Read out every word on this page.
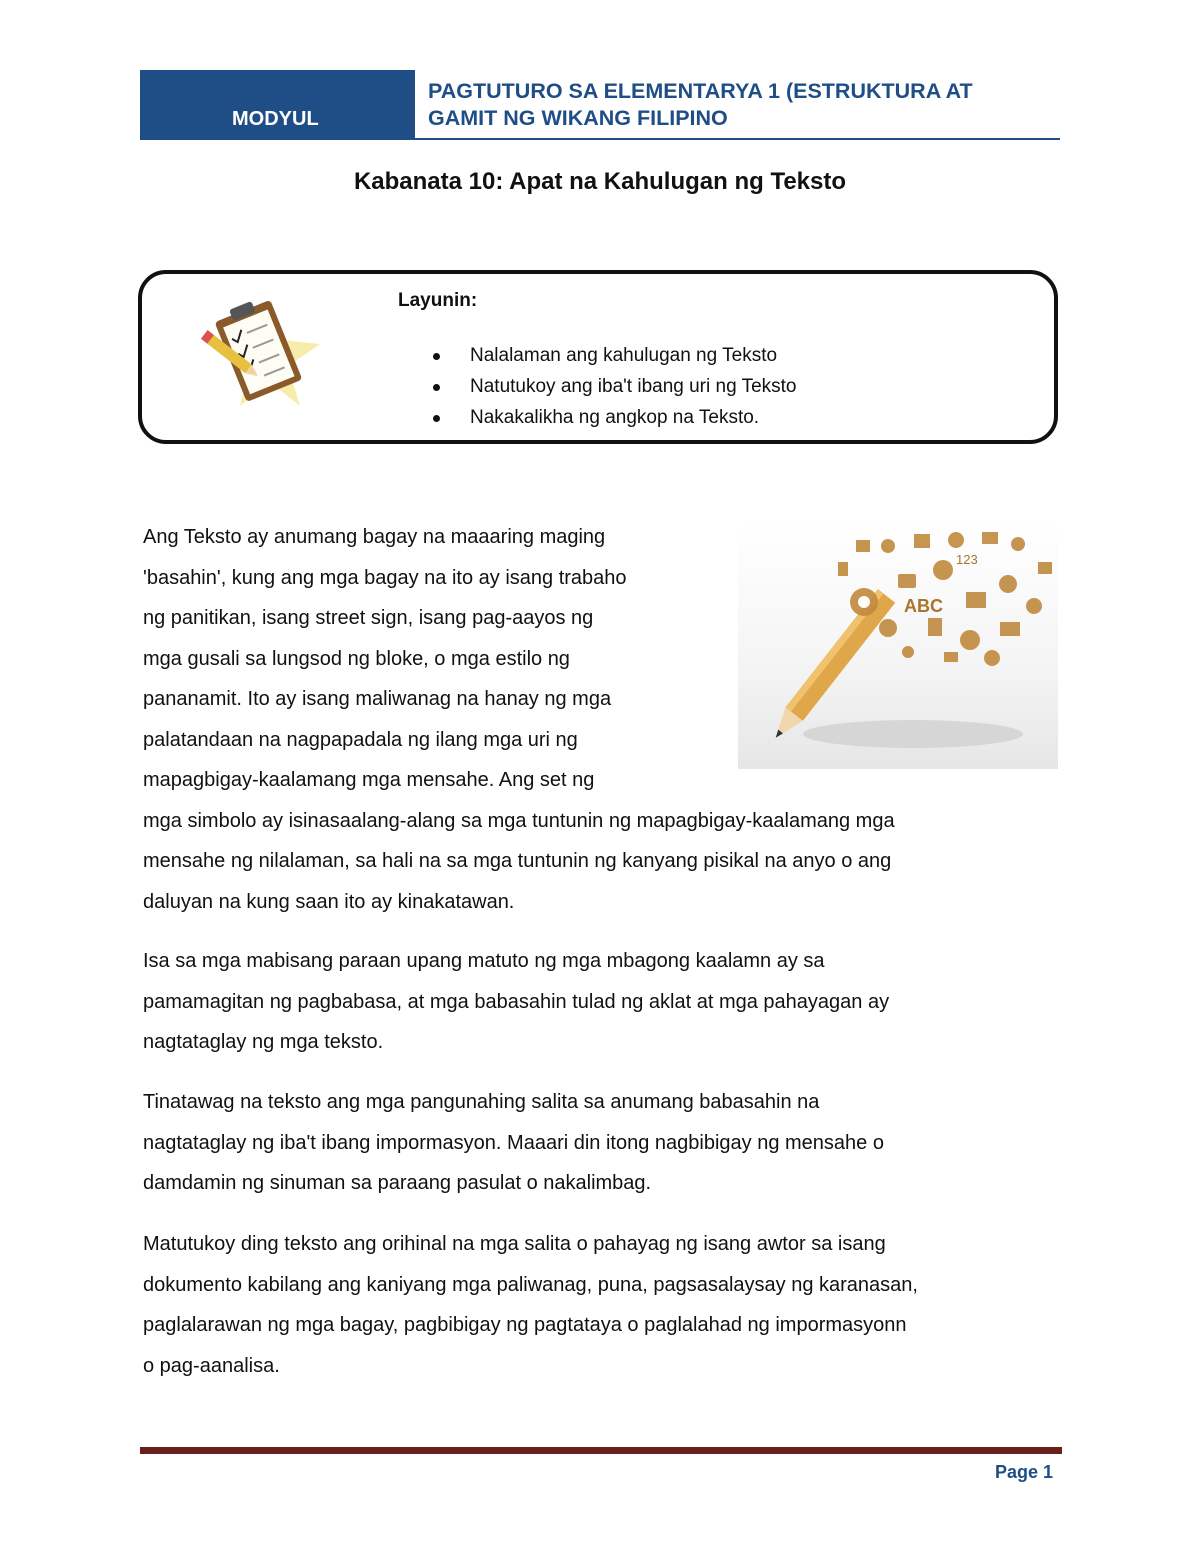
MODYUL
PAGTUTURO SA ELEMENTARYA 1 (ESTRUKTURA AT
GAMIT NG WIKANG FILIPINO
Kabanata 10: Apat na Kahulugan ng Teksto
Layunin:
Nalalaman ang kahulugan ng Teksto
Natutukoy ang iba't ibang uri ng Teksto
Nakakalikha ng angkop na Teksto.
ABC
123
Ang Teksto ay anumang bagay na maaaring maging
'basahin', kung ang mga bagay na ito ay isang trabaho
ng panitikan, isang street sign, isang pag-aayos ng
mga gusali sa lungsod ng bloke, o mga estilo ng
pananamit. Ito ay isang maliwanag na hanay ng mga
palatandaan na nagpapadala ng ilang mga uri ng
mapagbigay-kaalamang mga mensahe. Ang set ng
mga simbolo ay isinasaalang-alang sa mga tuntunin ng mapagbigay-kaalamang mga
mensahe ng nilalaman, sa hali na sa mga tuntunin ng kanyang pisikal na anyo o ang
daluyan na kung saan ito ay kinakatawan.
Isa sa mga mabisang paraan upang matuto ng mga mbagong kaalamn ay sa
pamamagitan ng pagbabasa, at mga babasahin tulad ng aklat at mga pahayagan ay
nagtataglay ng mga teksto.
Tinatawag na teksto ang mga pangunahing salita sa anumang babasahin na
nagtataglay ng iba't ibang impormasyon. Maaari din itong nagbibigay ng mensahe o
damdamin ng sinuman sa paraang pasulat o nakalimbag.
Matutukoy ding teksto ang orihinal na mga salita o pahayag ng isang awtor sa isang
dokumento kabilang ang kaniyang mga paliwanag, puna, pagsasalaysay ng karanasan,
paglalarawan ng mga bagay, pagbibigay ng pagtataya o paglalahad ng impormasyonn
o pag-aanalisa.
Page 1
